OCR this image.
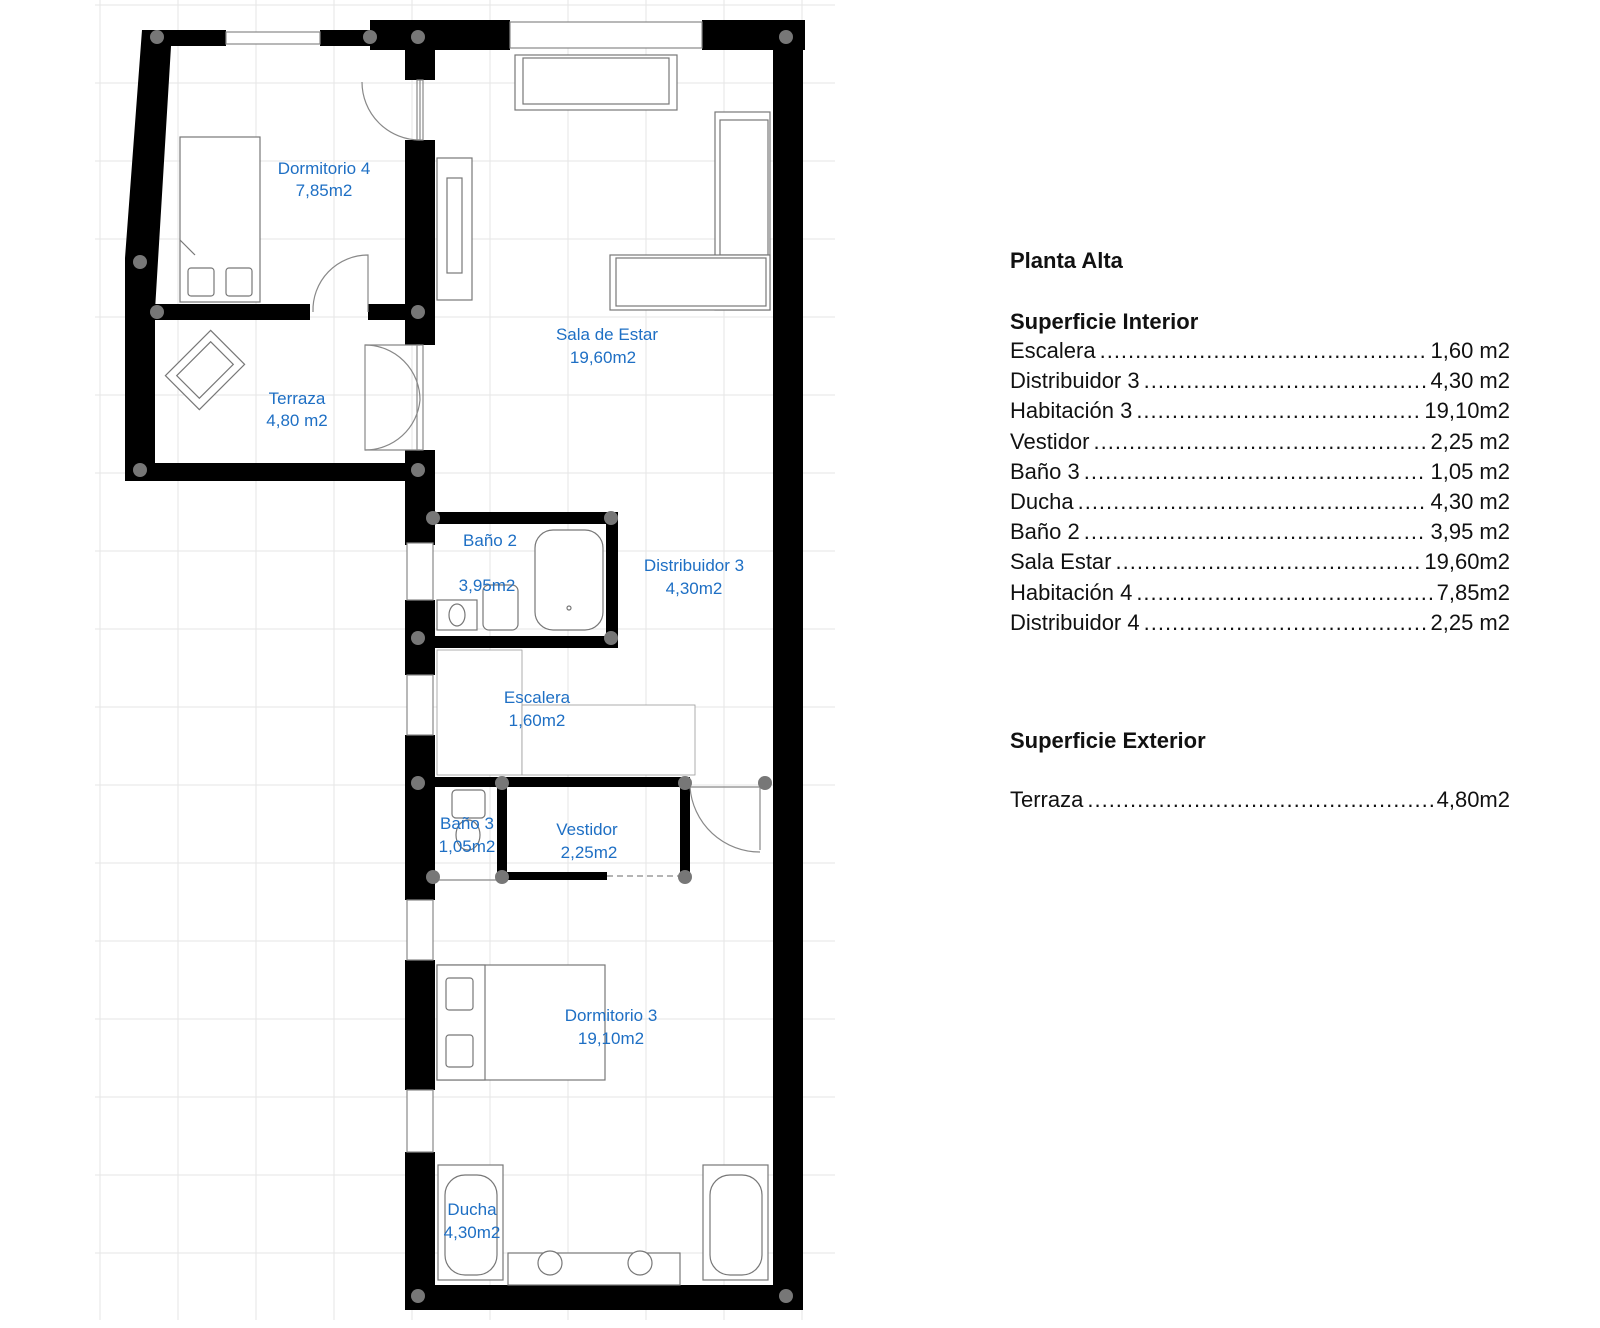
Dormitorio 4 7,85m2
Terraza 4,80 m2
Sala de Estar 19,60m2
Baño 2 3,95m2
Distribuidor 3 4,30m2
Escalera 1,60m2
Baño 3 1,05m2
Vestidor 2,25m2
Dormitorio 3 19,10m2
Ducha 4,30m2

Planta Alta

Superficie Interior

Escalera .....	1,60 m2
Distribuidor 3 .....	4,30 m2
Habitación 3 .....	19,10m2
Vestidor .....	2,25 m2
Baño 3 .....	1,05 m2
Ducha .....	4,30 m2
Baño 2 .....	3,95 m2
Sala Estar .....	19,60m2
Habitación 4 .....	7,85m2
Distribuidor 4 .....	2,25 m2

Superficie Exterior

Terraza .....	4,80m2
